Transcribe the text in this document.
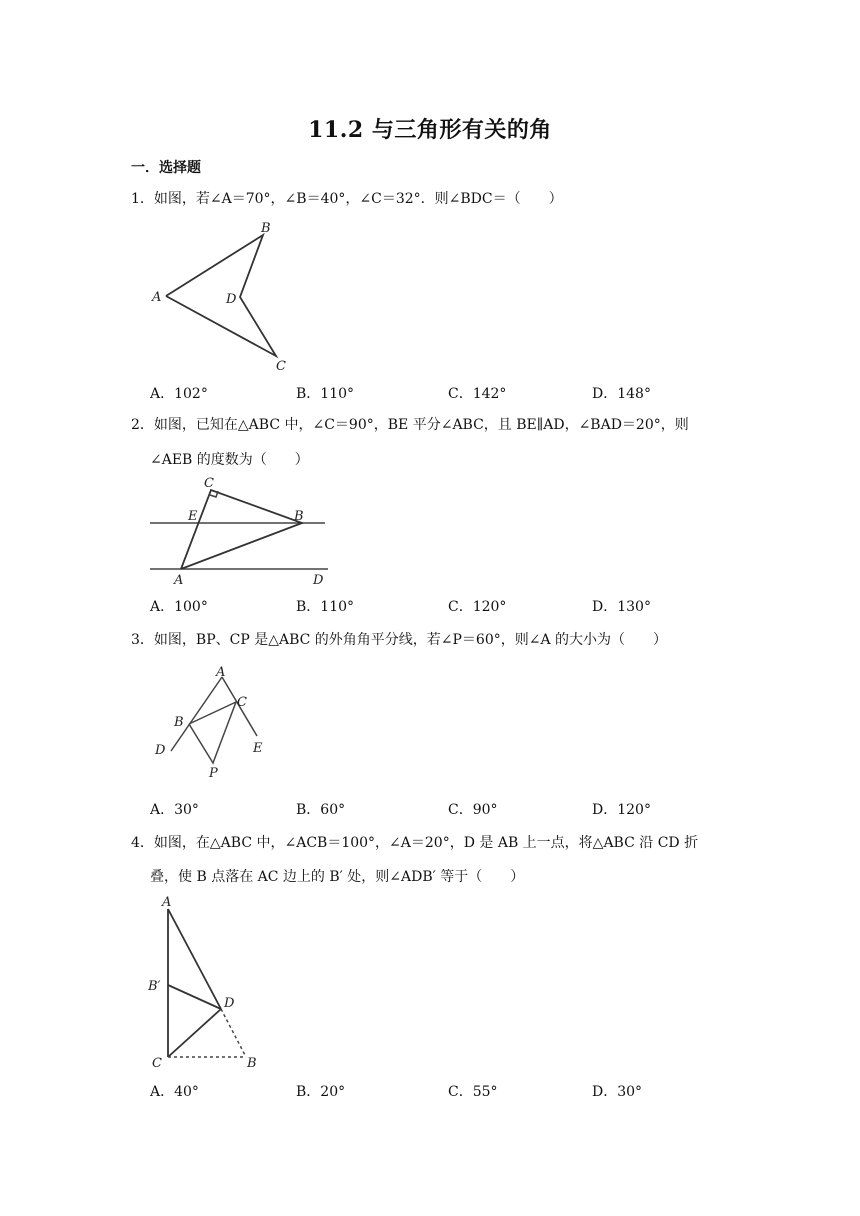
11.2 与三角形有关的角
一．选择题
1．如图，若∠A＝70°，∠B＝40°，∠C＝32°．则∠BDC＝（　　）
A
B
C
D
A．102°	B．110°	C．142°	D．148°
2．如图，已知在△ABC 中，∠C＝90°，BE 平分∠ABC，且 BE∥AD，∠BAD＝20°，则
∠AEB 的度数为（　　）
C
E	B
A	D
A．100°	B．110°	C．120°	D．130°
3．如图，BP、CP 是△ABC 的外角角平分线，若∠P＝60°，则∠A 的大小为（　　）
A
B
C
D	E
P
A．30°	B．60°	C．90°	D．120°
4．如图，在△ABC 中，∠ACB＝100°，∠A＝20°，D 是 AB 上一点，将△ABC 沿 CD 折
叠，使 B 点落在 AC 边上的 B′ 处，则∠ADB′ 等于（　　）
A
B′
D
C	B
A．40°	B．20°	C．55°	D．30°
